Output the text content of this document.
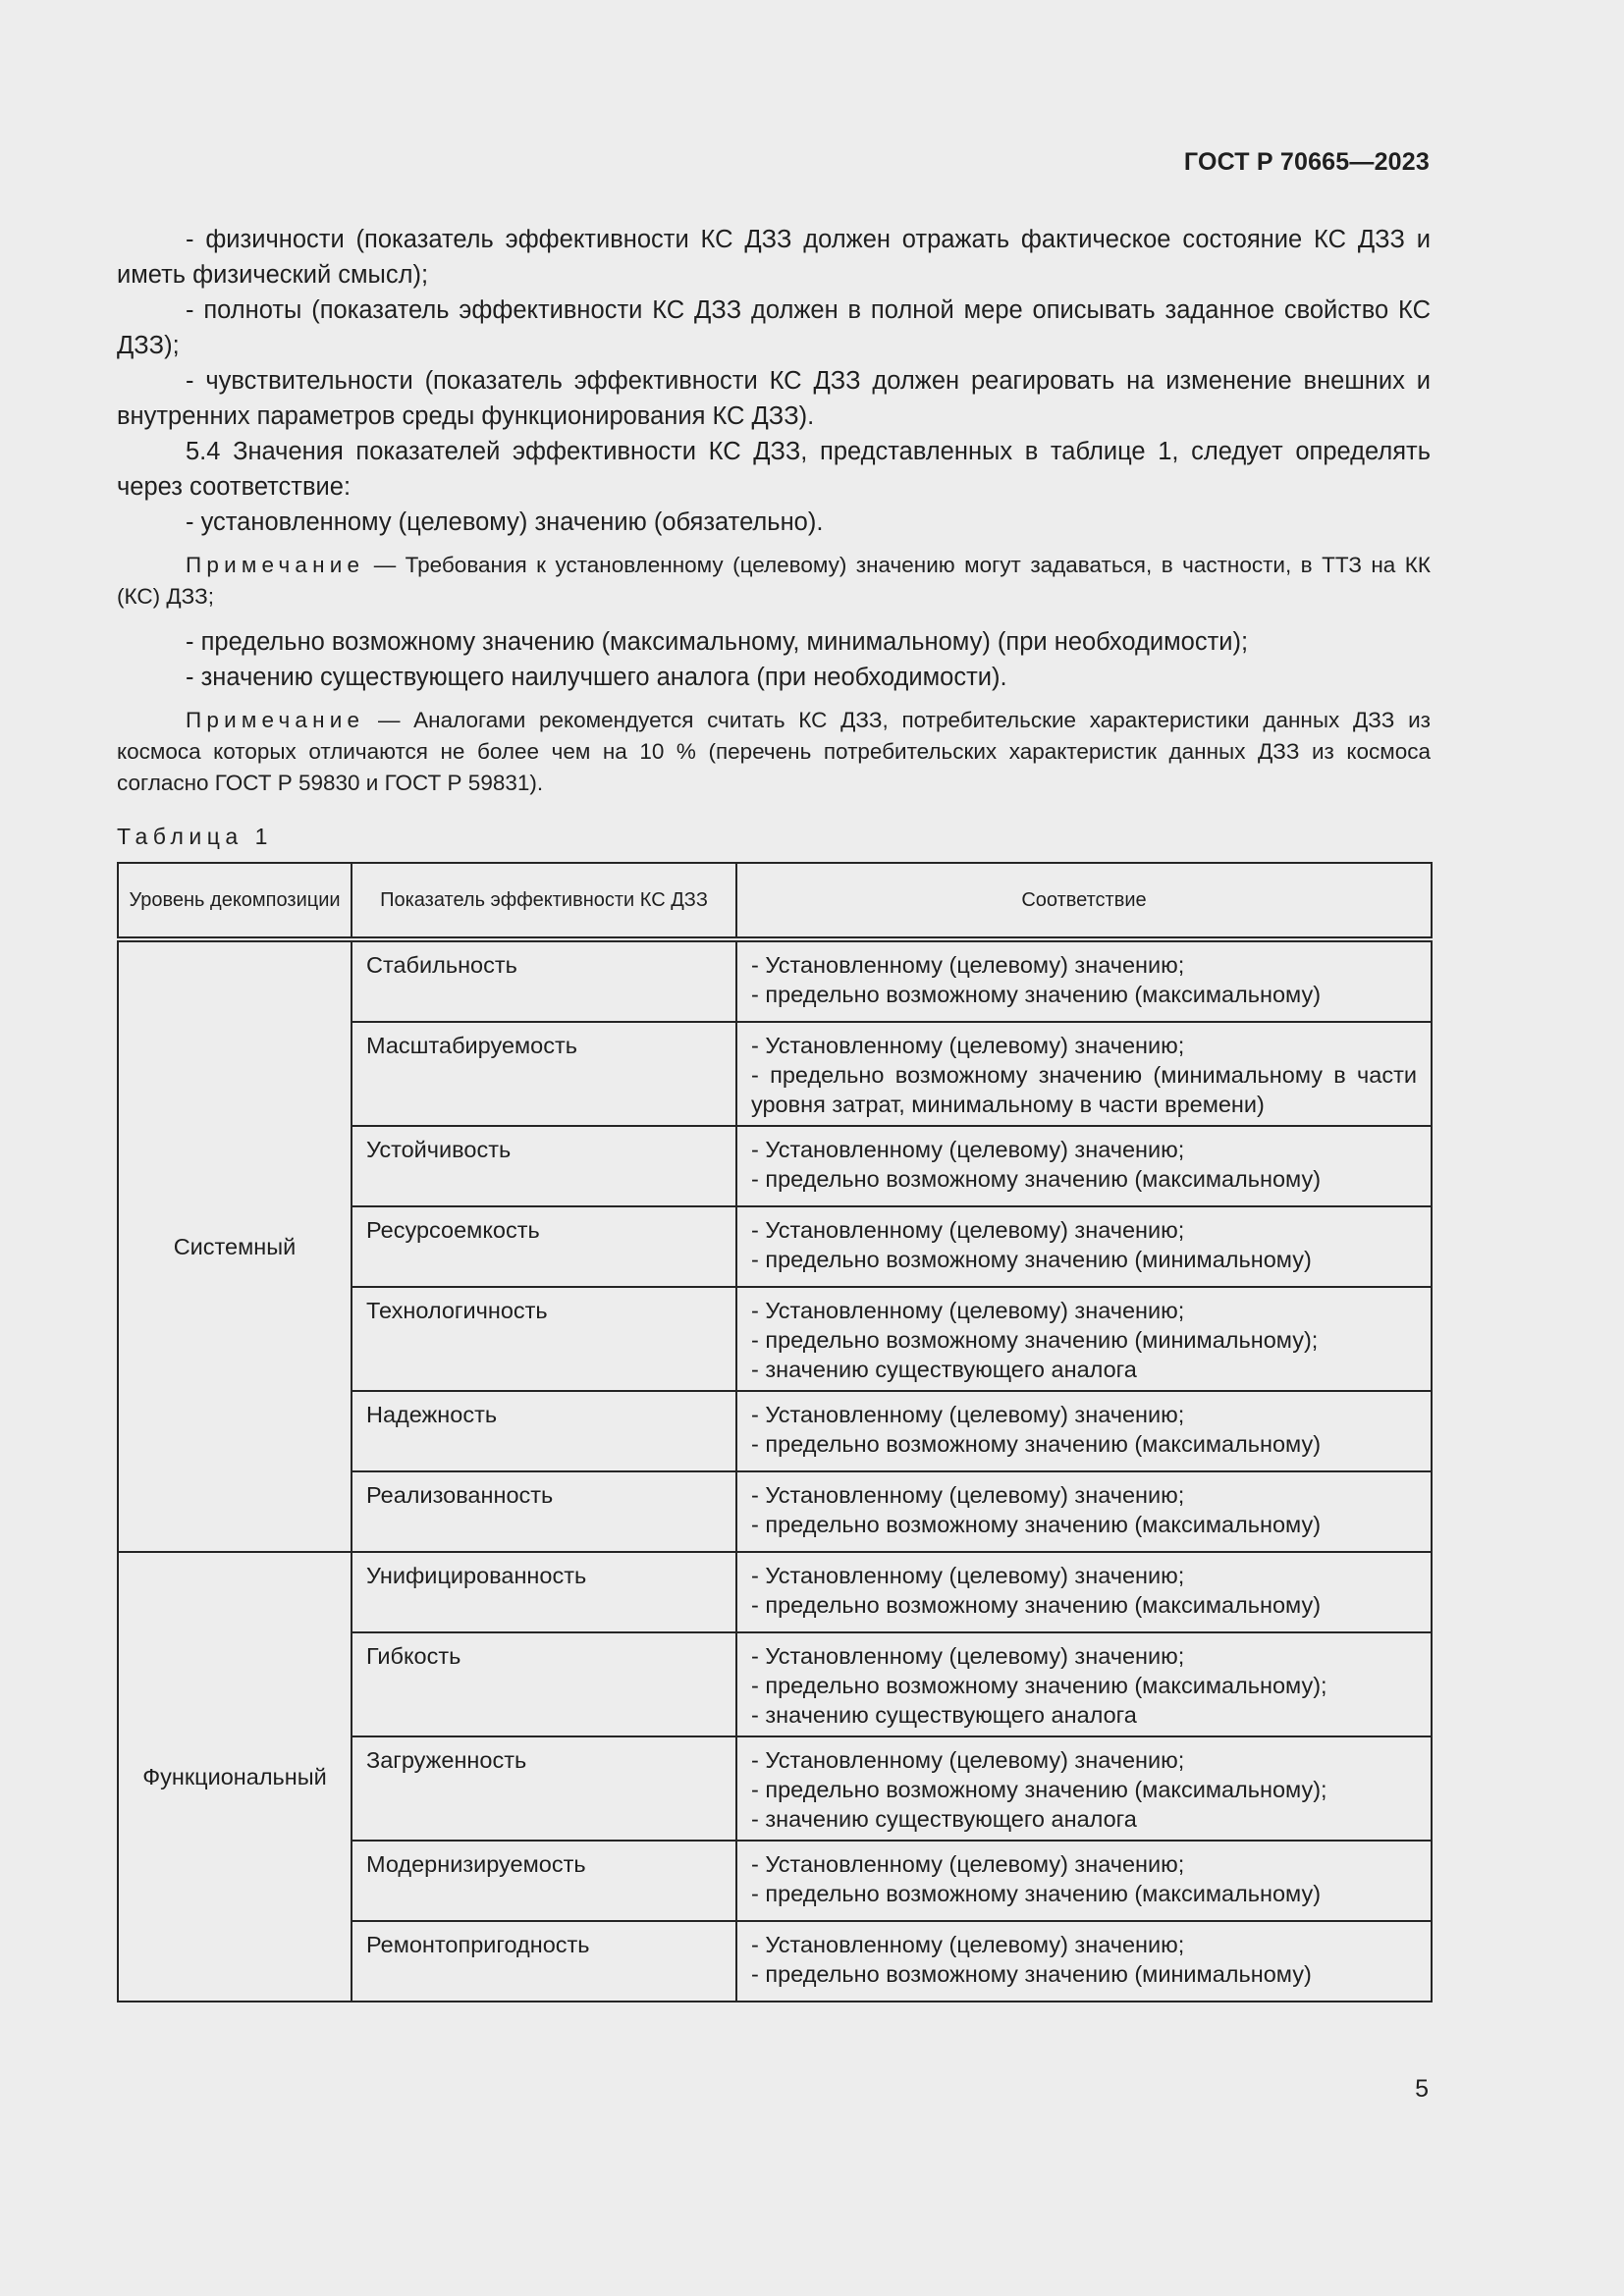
ГОСТ Р 70665—2023

- физичности (показатель эффективности КС ДЗЗ должен отражать фактическое состояние КС ДЗЗ и иметь физический смысл);

- полноты (показатель эффективности КС ДЗЗ должен в полной мере описывать заданное свойство КС ДЗЗ);

- чувствительности (показатель эффективности КС ДЗЗ должен реагировать на изменение внешних и внутренних параметров среды функционирования КС ДЗЗ).

5.4 Значения показателей эффективности КС ДЗЗ, представленных в таблице 1, следует определять через соответствие:

- установленному (целевому) значению (обязательно).

Примечание — Требования к установленному (целевому) значению могут задаваться, в частности, в ТТЗ на КК (КС) ДЗЗ;

- предельно возможному значению (максимальному, минимальному) (при необходимости);

- значению существующего наилучшего аналога (при необходимости).

Примечание — Аналогами рекомендуется считать КС ДЗЗ, потребительские характеристики данных ДЗЗ из космоса которых отличаются не более чем на 10 % (перечень потребительских характеристик данных ДЗЗ из космоса согласно ГОСТ Р 59830 и ГОСТ Р 59831).

Таблица 1
Уровень декомпозиции	Показатель эффективности КС ДЗЗ	Соответствие
Системный	Стабильность	- Установленному (целевому) значению;
- предельно возможному значению (максимальному)

	Масштабируемость	- Установленному (целевому) значению;
- предельно возможному значению (минимальному в части уровня затрат, минимальному в части времени)

	Устойчивость	- Установленному (целевому) значению;
- предельно возможному значению (максимальному)

	Ресурсоемкость	- Установленному (целевому) значению;
- предельно возможному значению (минимальному)

	Технологичность	- Установленному (целевому) значению;
- предельно возможному значению (минимальному);
- значению существующего аналога

	Надежность	- Установленному (целевому) значению;
- предельно возможному значению (максимальному)

	Реализованность	- Установленному (целевому) значению;
- предельно возможному значению (максимальному)

Функциональный	Унифицированность	- Установленному (целевому) значению;
- предельно возможному значению (максимальному)

	Гибкость	- Установленному (целевому) значению;
- предельно возможному значению (максимальному);
- значению существующего аналога

	Загруженность	- Установленному (целевому) значению;
- предельно возможному значению (максимальному);
- значению существующего аналога

	Модернизируемость	- Установленному (целевому) значению;
- предельно возможному значению (максимальному)

	Ремонтопригодность	- Установленному (целевому) значению;
- предельно возможному значению (минимальному)
5
